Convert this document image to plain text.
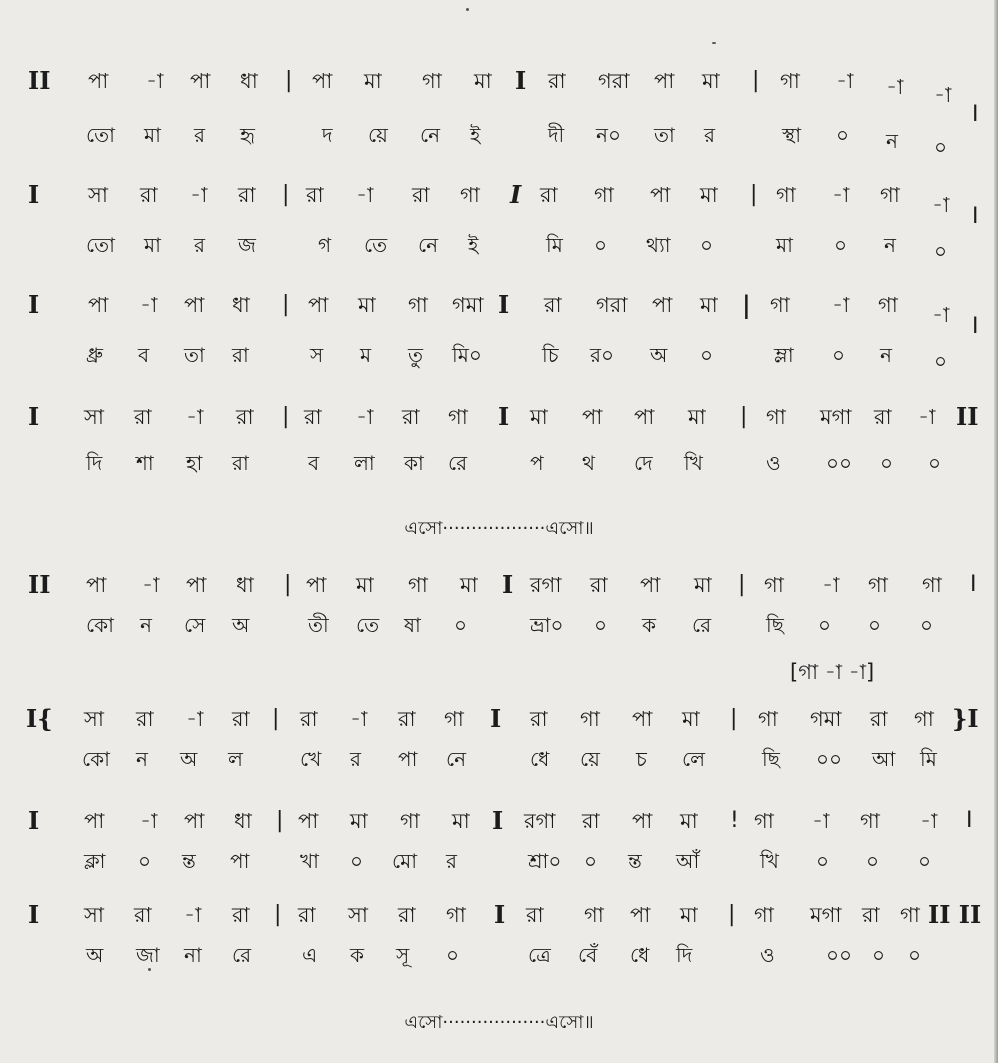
II পা -া পা ধা | পা মা গা মা I রা গরা পা মা | গা -া -া -া
I
তো মা র হৃ	দ য়ে নে ই	দী ন০ তা র	স্থা ০ ন ০
I সা রা -া রা | রা -া রা গা I রা গা পা মা | গা -া গা -া I
তো মা র জ	গ তে নে ই	মি ০ থ্যা ০	মা ০ ন ০
I পা -া পা ধা | পা মা গা গমা I রা গরা পা মা | গা -া গা -া I
ধ্রু ব তা রা	স ম তু মি০	চি র০ অ ০	ম্লা ০ ন ০
I সা রা -া রা | রা -া রা গা I মা পা পা মা | গা মগা রা -া II
দি শা হা রা	ব লা কা রে	প থ দে খি	ও ০০ ০ ০
এসো··················এসো॥
II পা -া পা ধা | পা মা গা মা I রগা রা পা মা | গা -া গা গা I
কো ন সে অ	তী তে ষা ০	ভ্রা০ ০ ক রে	ছি ০ ০ ০
[গা -া -া]
I{ সা রা -া রা | রা -া রা গা I রা গা পা মা | গা গমা রা গা }I
কো ন অ ল	খে র পা নে	ধে য়ে চ লে	ছি ০০ আ মি
I পা -া পা ধা | পা মা গা মা I রগা রা পা মা ! গা -া গা -া I
ক্লা ০ ন্ত পা	খা ০ মো র	শ্রা০ ০ ন্ত আঁ	খি ০ ০ ০
I সা রা -া রা | রা সা রা গা I রা গা পা মা | গা মগা রা গা II II
অ জা না রে	এ ক সূ ০	ত্রে বেঁ ধে দি	ও	০০ ০ ০
এসো··················এসো॥
